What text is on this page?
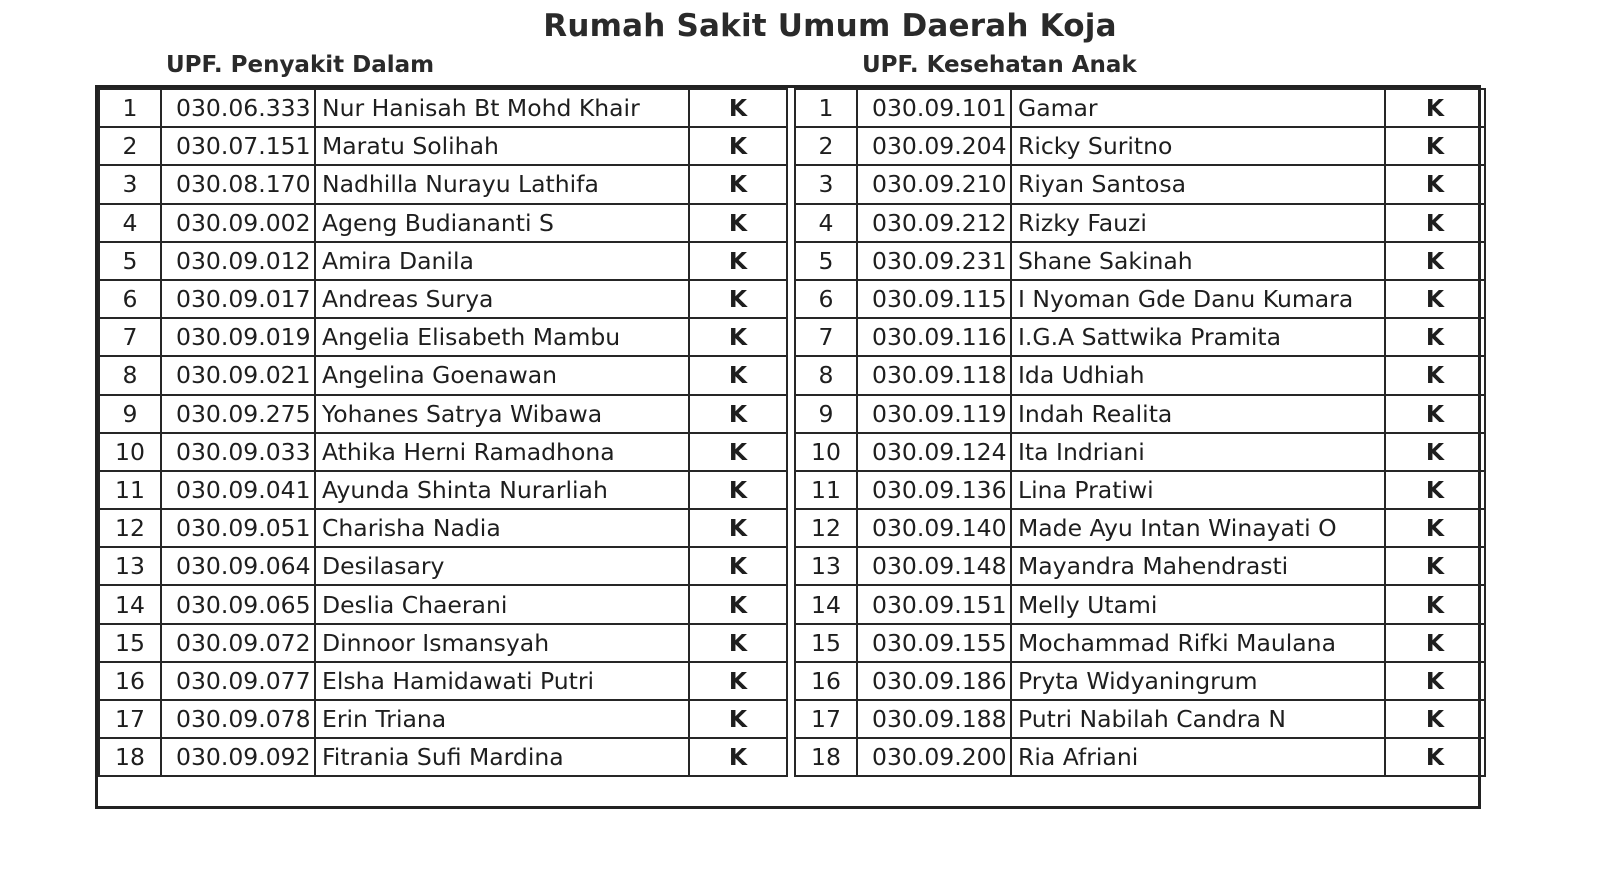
Rumah Sakit Umum Daerah Koja
UPF. Penyakit Dalam	UPF. Kesehatan Anak
1	030.06.333	Nur Hanisah Bt Mohd Khair	K
2	030.07.151	Maratu Solihah	K
3	030.08.170	Nadhilla Nurayu Lathifa	K
4	030.09.002	Ageng Budiananti S	K
5	030.09.012	Amira Danila	K
6	030.09.017	Andreas Surya	K
7	030.09.019	Angelia Elisabeth Mambu	K
8	030.09.021	Angelina Goenawan	K
9	030.09.275	Yohanes Satrya Wibawa	K
10	030.09.033	Athika Herni Ramadhona	K
11	030.09.041	Ayunda Shinta Nurarliah	K
12	030.09.051	Charisha Nadia	K
13	030.09.064	Desilasary	K
14	030.09.065	Deslia Chaerani	K
15	030.09.072	Dinnoor Ismansyah	K
16	030.09.077	Elsha Hamidawati Putri	K
17	030.09.078	Erin Triana	K
18	030.09.092	Fitrania Sufi Mardina	K
1	030.09.101	Gamar	K
2	030.09.204	Ricky Suritno	K
3	030.09.210	Riyan Santosa	K
4	030.09.212	Rizky Fauzi	K
5	030.09.231	Shane Sakinah	K
6	030.09.115	I Nyoman Gde Danu Kumara	K
7	030.09.116	I.G.A Sattwika Pramita	K
8	030.09.118	Ida Udhiah	K
9	030.09.119	Indah Realita	K
10	030.09.124	Ita Indriani	K
11	030.09.136	Lina Pratiwi	K
12	030.09.140	Made Ayu Intan Winayati O	K
13	030.09.148	Mayandra Mahendrasti	K
14	030.09.151	Melly Utami	K
15	030.09.155	Mochammad Rifki Maulana	K
16	030.09.186	Pryta Widyaningrum	K
17	030.09.188	Putri Nabilah Candra N	K
18	030.09.200	Ria Afriani	K
